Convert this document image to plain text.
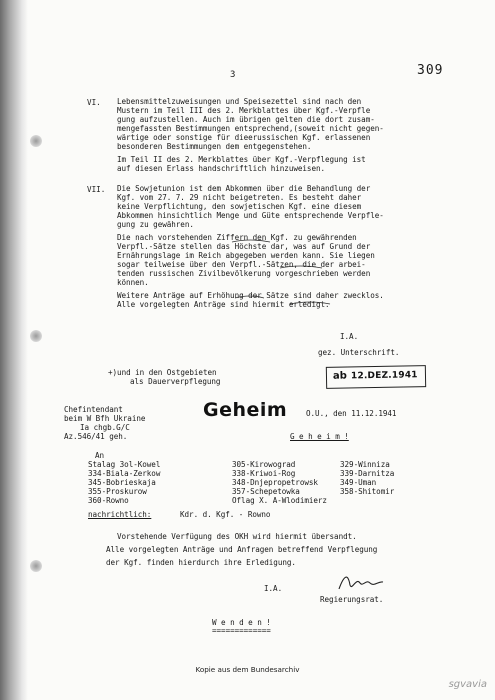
3	309
VI. Lebensmittelzuweisungen und Speisezettel sind nach den
Mustern im Teil III des 2. Merkblattes über Kgf.-Verpfle
gung aufzustellen. Auch im übrigen gelten die dort zusam-
mengefassten Bestimmungen entsprechend,(soweit nicht gegen-
wärtige oder sonstige für dieerussischen Kgf. erlassenen
besonderen Bestimmungen dem entgegenstehen.
Im Teil II des 2. Merkblattes über Kgf.-Verpflegung ist
auf diesen Erlass handschriftlich hinzuweisen.
VII. Die Sowjetunion ist dem Abkommen über die Behandlung der
Kgf. vom 27. 7. 29 nicht beigetreten. Es besteht daher
keine Verpflichtung, den sowjetischen Kgf. eine diesem
Abkommen hinsichtlich Menge und Güte entsprechende Verpfle-
gung zu gewähren.
Die nach vorstehenden Ziffern den Kgf. zu gewährenden
Verpfl.-Sätze stellen das Höchste dar, was auf Grund der
Ernährungslage im Reich abgegeben werden kann. Sie liegen
sogar teilweise über den Verpfl.-Sätzen, die der arbei-
tenden russischen Zivilbevölkerung vorgeschrieben werden
können.
Weitere Anträge auf Erhöhung der Sätze sind daher zwecklos.
Alle vorgelegten Anträge sind hiermit erledigt.
I.A.
gez. Unterschrift.
+)und in den Ostgebieten
als Dauerverpflegung	ab 12.DEZ.1941
Geheim
Chefintendant
beim W Bfh Ukraine
Ia chgb.G/C
Az.546/41 geh.
O.U., den 11.12.1941
G e h e i m !
An
Stalag 3ol-Kowel
334-Biala-Zerkow
345-Bobrieskaja
355-Proskurow
360-Rowno
305-Kirowograd
338-Kriwoi-Rog
348-Dnjepropetrowsk
357-Schepetowka
Oflag X. A-Wlodimierz
329-Winniza
339-Darnitza
349-Uman
358-Shitomir
nachrichtlich:	Kdr. d. Kgf. - Rowno
Vorstehende Verfügung des OKH wird hiermit übersandt.
Alle vorgelegten Anträge und Anfragen betreffend Verpflegung
der Kgf. finden hierdurch ihre Erledigung.
I.A.
Regierungsrat.
W e n d e n !
=============
Kopie aus dem Bundesarchiv
sgvavia
